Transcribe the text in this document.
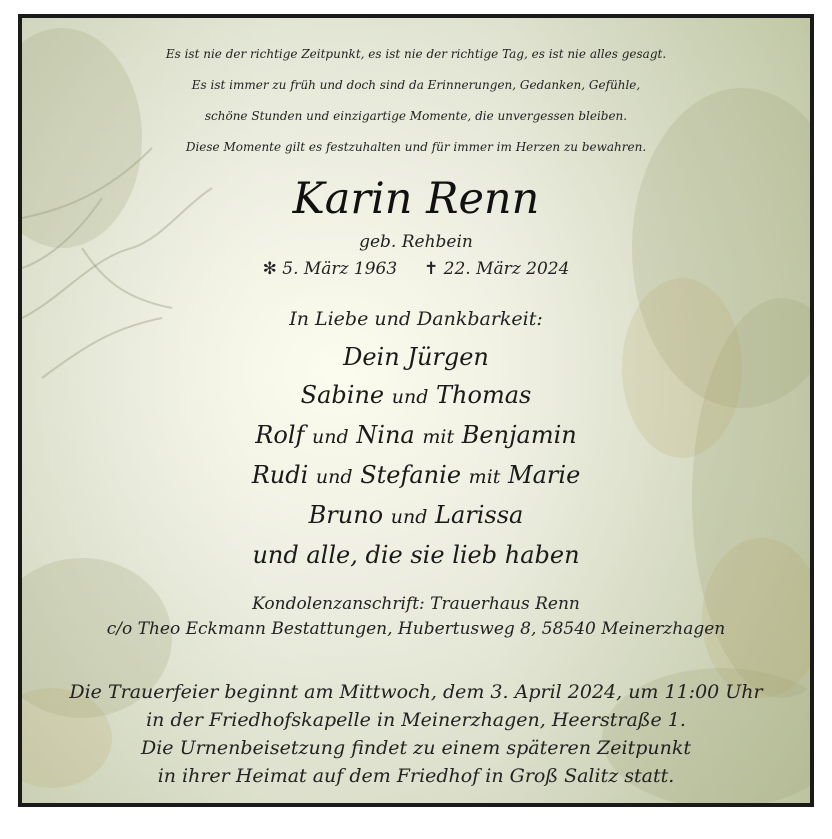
Es ist nie der richtige Zeitpunkt, es ist nie der richtige Tag, es ist nie alles gesagt.
Es ist immer zu früh und doch sind da Erinnerungen, Gedanken, Gefühle,
schöne Stunden und einzigartige Momente, die unvergessen bleiben.
Diese Momente gilt es festzuhalten und für immer im Herzen zu bewahren.
Karin Renn
geb. Rehbein
✻ 5. März 1963 ✝ 22. März 2024
In Liebe und Dankbarkeit:
Dein Jürgen
Sabine und Thomas
Rolf und Nina mit Benjamin
Rudi und Stefanie mit Marie
Bruno und Larissa
und alle, die sie lieb haben
Kondolenzanschrift: Trauerhaus Renn
c/o Theo Eckmann Bestattungen, Hubertusweg 8, 58540 Meinerzhagen
Die Trauerfeier beginnt am Mittwoch, dem 3. April 2024, um 11:00 Uhr
in der Friedhofskapelle in Meinerzhagen, Heerstraße 1.
Die Urnenbeisetzung findet zu einem späteren Zeitpunkt
in ihrer Heimat auf dem Friedhof in Groß Salitz statt.
